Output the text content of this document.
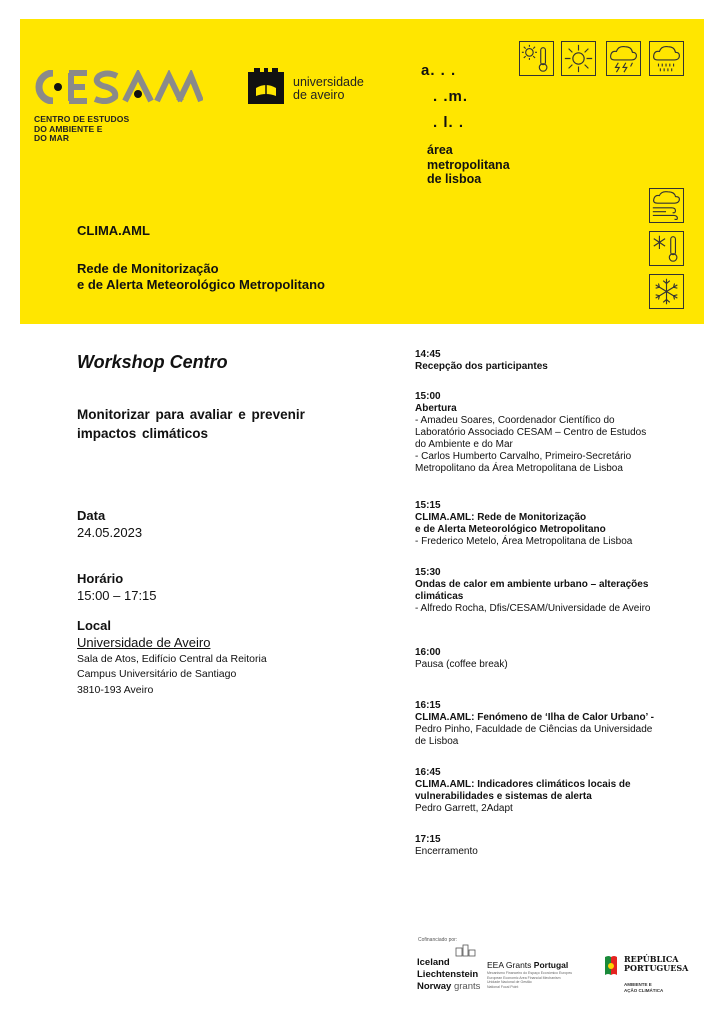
CENTRO DE ESTUDOS
DO AMBIENTE E
DO MAR
universidade
de aveiro
a. . .
. .m.
. l. .
área
metropolitana
de lisboa
CLIMA.AML
Rede de Monitorização
e de Alerta Meteorológico Metropolitano
Workshop Centro
Monitorizar para avaliar e prevenir impactos climáticos
Data
24.05.2023
Horário
15:00 – 17:15
Local
Universidade de Aveiro
Sala de Atos, Edifício Central da Reitoria
Campus Universitário de Santiago
3810-193 Aveiro
14:45
Recepção dos participantes
15:00
Abertura
- Amadeu Soares, Coordenador Científico do
Laboratório Associado CESAM – Centro de Estudos
do Ambiente e do Mar
- Carlos Humberto Carvalho, Primeiro-Secretário
Metropolitano da Área Metropolitana de Lisboa
15:15
CLIMA.AML: Rede de Monitorização
e de Alerta Meteorológico Metropolitano
- Frederico Metelo, Área Metropolitana de Lisboa
15:30
Ondas de calor em ambiente urbano – alterações
climáticas
- Alfredo Rocha, Dfis/CESAM/Universidade de Aveiro
16:00
Pausa (coffee break)
16:15
CLIMA.AML: Fenómeno de ‘Ilha de Calor Urbano’ -
Pedro Pinho, Faculdade de Ciências da Universidade
de Lisboa
16:45
CLIMA.AML: Indicadores climáticos locais de
vulnerabilidades e sistemas de alerta
Pedro Garrett, 2Adapt
17:15
Encerramento
Cofinanciado por:
Iceland
Liechtenstein
Norway grants
EEA Grants Portugal
Mecanismo Financeiro do Espaço Económico Europeu
European Economic Area Financial Mechanism
Unidade Nacional de Gestão
National Focal Point
REPÚBLICA
PORTUGUESA
AMBIENTE E
AÇÃO CLIMÁTICA
